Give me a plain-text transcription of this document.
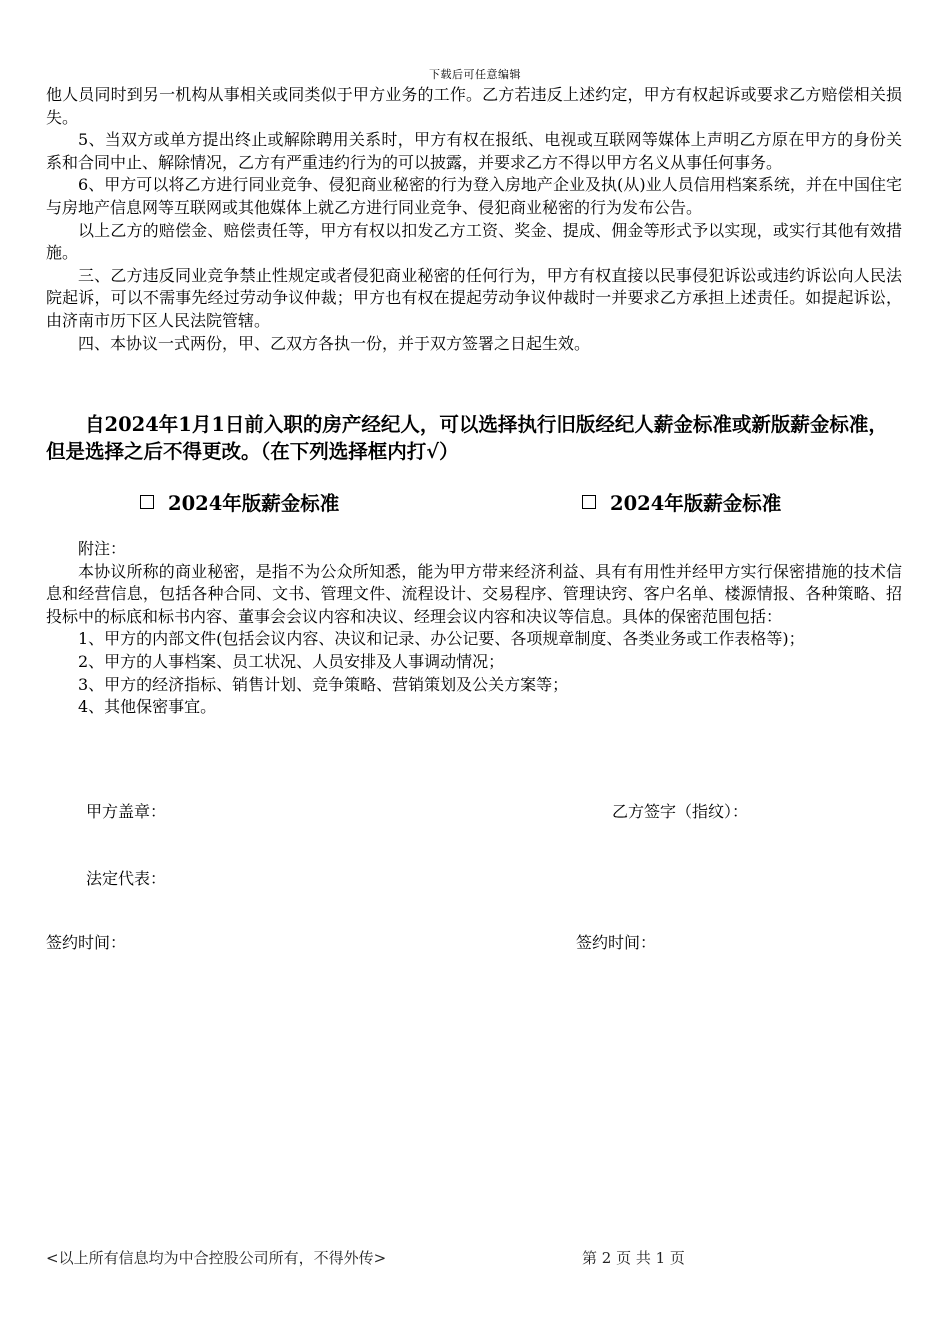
下载后可任意编辑

他人员同时到另一机构从事相关或同类似于甲方业务的工作。乙方若违反上述约定，甲方有权起诉或要求乙方赔偿相关损失。

5、当双方或单方提出终止或解除聘用关系时，甲方有权在报纸、电视或互联网等媒体上声明乙方原在甲方的身份关系和合同中止、解除情况，乙方有严重违约行为的可以披露，并要求乙方不得以甲方名义从事任何事务。

6、甲方可以将乙方进行同业竞争、侵犯商业秘密的行为登入房地产企业及执(从)业人员信用档案系统，并在中国住宅与房地产信息网等互联网或其他媒体上就乙方进行同业竞争、侵犯商业秘密的行为发布公告。

以上乙方的赔偿金、赔偿责任等，甲方有权以扣发乙方工资、奖金、提成、佣金等形式予以实现，或实行其他有效措施。

三、乙方违反同业竞争禁止性规定或者侵犯商业秘密的任何行为，甲方有权直接以民事侵犯诉讼或违约诉讼向人民法院起诉，可以不需事先经过劳动争议仲裁；甲方也有权在提起劳动争议仲裁时一并要求乙方承担上述责任。如提起诉讼，由济南市历下区人民法院管辖。

四、本协议一式两份，甲、乙双方各执一份，并于双方签署之日起生效。

自2024年1月1日前入职的房产经纪人，可以选择执行旧版经纪人薪金标准或新版薪金标准，但是选择之后不得更改。（在下列选择框内打√）
2024年版薪金标准	2024年版薪金标准

附注：

本协议所称的商业秘密，是指不为公众所知悉，能为甲方带来经济利益、具有有用性并经甲方实行保密措施的技术信息和经营信息，包括各种合同、文书、管理文件、流程设计、交易程序、管理诀窍、客户名单、楼源情报、各种策略、招投标中的标底和标书内容、董事会会议内容和决议、经理会议内容和决议等信息。具体的保密范围包括：

1、甲方的内部文件(包括会议内容、决议和记录、办公记要、各项规章制度、各类业务或工作表格等)；

2、甲方的人事档案、员工状况、人员安排及人事调动情况；

3、甲方的经济指标、销售计划、竞争策略、营销策划及公关方案等；

4、其他保密事宜。

甲方盖章：	乙方签字（指纹）：
法定代表：
签约时间：	签约时间：
<以上所有信息均为中合控股公司所有，不得外传>	第 2 页 共 1 页
